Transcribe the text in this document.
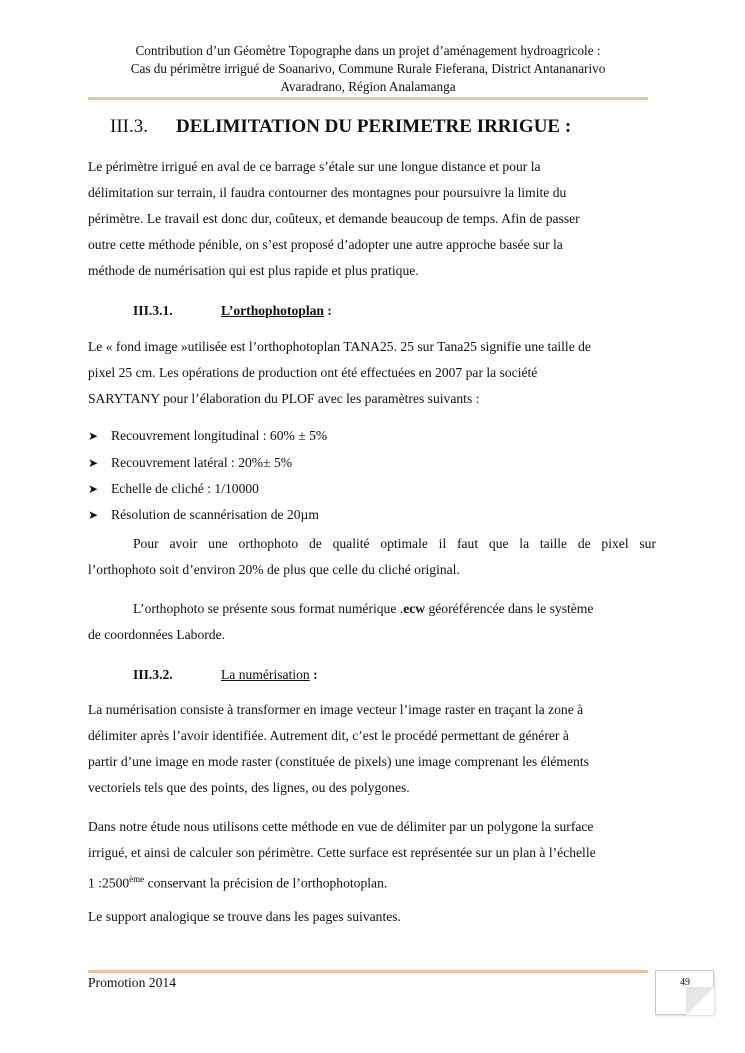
Contribution d’un Géomètre Topographe dans un projet d’aménagement hydroagricole :
Cas du périmètre irrigué de Soanarivo, Commune Rurale Fieferana, District Antananarivo
Avaradrano, Région Analamanga
III.3. DELIMITATION DU PERIMETRE IRRIGUE :

Le périmètre irrigué en aval de ce barrage s’étale sur une longue distance et pour la

délimitation sur terrain, il faudra contourner des montagnes pour poursuivre la limite du

périmètre. Le travail est donc dur, coûteux, et demande beaucoup de temps. Afin de passer

outre cette méthode pénible, on s’est proposé d’adopter une autre approche basée sur la

méthode de numérisation qui est plus rapide et plus pratique.

III.3.1.	L’orthophotoplan :

Le « fond image »utilisée est l’orthophotoplan TANA25. 25 sur Tana25 signifie une taille de

pixel 25 cm. Les opérations de production ont été effectuées en 2007 par la société

SARYTANY pour l’élaboration du PLOF avec les paramètres suivants :

➤ Recouvrement longitudinal : 60% ± 5%
➤ Recouvrement latéral : 20%± 5%
➤ Echelle de cliché : 1/10000
➤ Résolution de scannérisation de 20µm

Pour avoir une orthophoto de qualité optimale il faut que la taille de pixel sur

l’orthophoto soit d’environ 20% de plus que celle du cliché original.

L’orthophoto se présente sous format numérique .ecw géoréférencée dans le système

de coordonnées Laborde.

III.3.2.	La numérisation :

La numérisation consiste à transformer en image vecteur l’image raster en traçant la zone à

délimiter après l’avoir identifiée. Autrement dit, c’est le procédé permettant de générer à

partir d’une image en mode raster (constituée de pixels) une image comprenant les éléments

vectoriels tels que des points, des lignes, ou des polygones.

Dans notre étude nous utilisons cette méthode en vue de délimiter par un polygone la surface

irrigué, et ainsi de calculer son périmètre. Cette surface est représentée sur un plan à l’échelle

1 :2500ème conservant la précision de l’orthophotoplan.

Le support analogique se trouve dans les pages suivantes.

Promotion 2014	49
